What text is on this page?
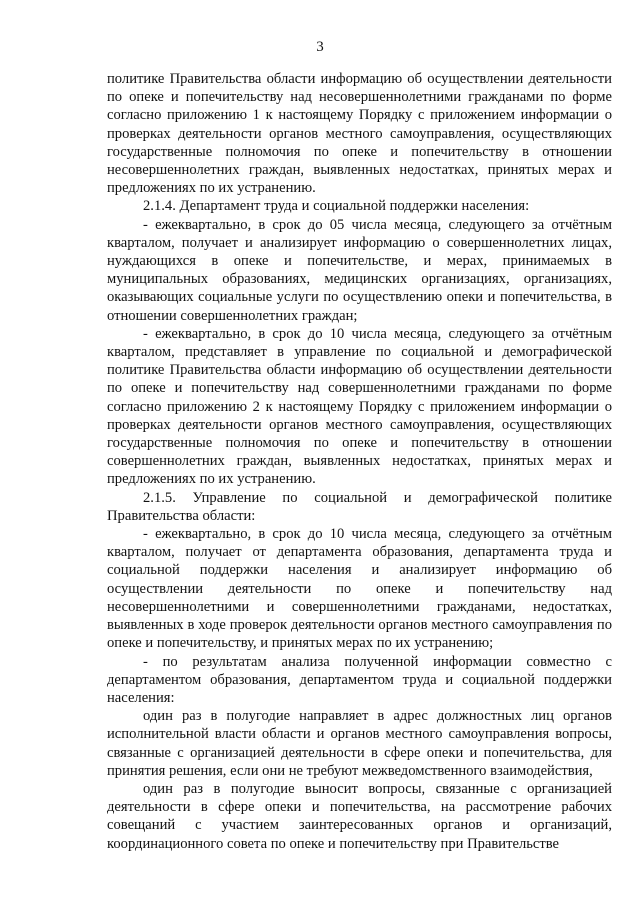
3

политике Правительства области информацию об осуществлении деятельности по опеке и попечительству над несовершеннолетними гражданами по форме согласно приложению 1 к настоящему Порядку с приложением информации о проверках деятельности органов местного самоуправления, осуществляющих государственные полномочия по опеке и попечительству в отношении несовершеннолетних граждан, выявленных недостатках, принятых мерах и предложениях по их устранению.

2.1.4. Департамент труда и социальной поддержки населения:

- ежеквартально, в срок до 05 числа месяца, следующего за отчётным кварталом, получает и анализирует информацию о совершеннолетних лицах, нуждающихся в опеке и попечительстве, и мерах, принимаемых в муниципальных образованиях, медицинских организациях, организациях, оказывающих социальные услуги по осуществлению опеки и попечительства, в отношении совершеннолетних граждан;

- ежеквартально, в срок до 10 числа месяца, следующего за отчётным кварталом, представляет в управление по социальной и демографической политике Правительства области информацию об осуществлении деятельности по опеке и попечительству над совершеннолетними гражданами по форме согласно приложению 2 к настоящему Порядку с приложением информации о проверках деятельности органов местного самоуправления, осуществляющих государственные полномочия по опеке и попечительству в отношении совершеннолетних граждан, выявленных недостатках, принятых мерах и предложениях по их устранению.

2.1.5. Управление по социальной и демографической политике Правительства области:

- ежеквартально, в срок до 10 числа месяца, следующего за отчётным кварталом, получает от департамента образования, департамента труда и социальной поддержки населения и анализирует информацию об осуществлении деятельности по опеке и попечительству над несовершеннолетними и совершеннолетними гражданами, недостатках, выявленных в ходе проверок деятельности органов местного самоуправления по опеке и попечительству, и принятых мерах по их устранению;

- по результатам анализа полученной информации совместно с департаментом образования, департаментом труда и социальной поддержки населения:

один раз в полугодие направляет в адрес должностных лиц органов исполнительной власти области и органов местного самоуправления вопросы, связанные с организацией деятельности в сфере опеки и попечительства, для принятия решения, если они не требуют межведомственного взаимодействия,

один раз в полугодие выносит вопросы, связанные с организацией деятельности в сфере опеки и попечительства, на рассмотрение рабочих совещаний с участием заинтересованных органов и организаций, координационного совета по опеке и попечительству при Правительстве
